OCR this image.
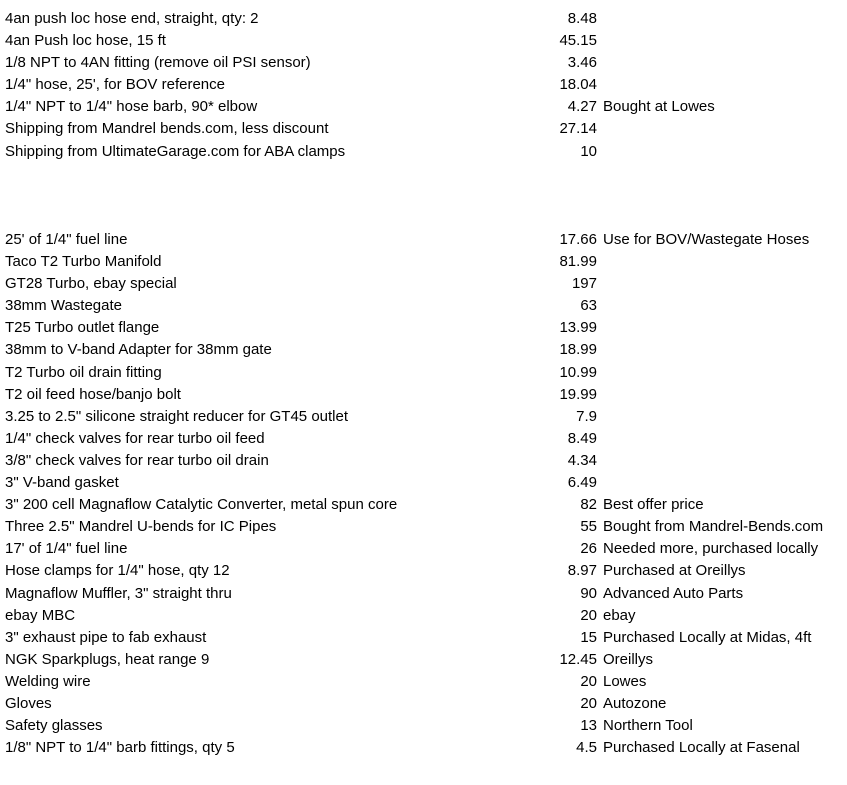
4an push loc hose end, straight, qty: 2	8.48
4an Push loc hose, 15 ft	45.15
1/8 NPT to 4AN fitting (remove oil PSI sensor)	3.46
1/4" hose, 25', for BOV reference	18.04
1/4" NPT to 1/4" hose barb, 90* elbow	4.27 Bought at Lowes
Shipping from Mandrel bends.com, less discount	27.14
Shipping from UltimateGarage.com for ABA clamps	10
25' of 1/4" fuel line	17.66 Use for BOV/Wastegate Hoses
Taco T2 Turbo Manifold	81.99
GT28 Turbo, ebay special	197
38mm Wastegate	63
T25 Turbo outlet flange	13.99
38mm to V-band Adapter for 38mm gate	18.99
T2 Turbo oil drain fitting	10.99
T2 oil feed hose/banjo bolt	19.99
3.25 to 2.5" silicone straight reducer for GT45 outlet	7.9
1/4" check valves for rear turbo oil feed	8.49
3/8" check valves for rear turbo oil drain	4.34
3" V-band gasket	6.49
3" 200 cell Magnaflow Catalytic Converter, metal spun core	82 Best offer price
Three 2.5" Mandrel U-bends for IC Pipes	55 Bought from Mandrel-Bends.com
17' of 1/4" fuel line	26 Needed more, purchased locally
Hose clamps for 1/4" hose, qty 12	8.97 Purchased at Oreillys
Magnaflow Muffler, 3" straight thru	90 Advanced Auto Parts
ebay MBC	20 ebay
3" exhaust pipe to fab exhaust	15 Purchased Locally at Midas, 4ft
NGK Sparkplugs, heat range 9	12.45 Oreillys
Welding wire	20 Lowes
Gloves	20 Autozone
Safety glasses	13 Northern Tool
1/8" NPT to 1/4" barb fittings, qty 5	4.5 Purchased Locally at Fasenal
